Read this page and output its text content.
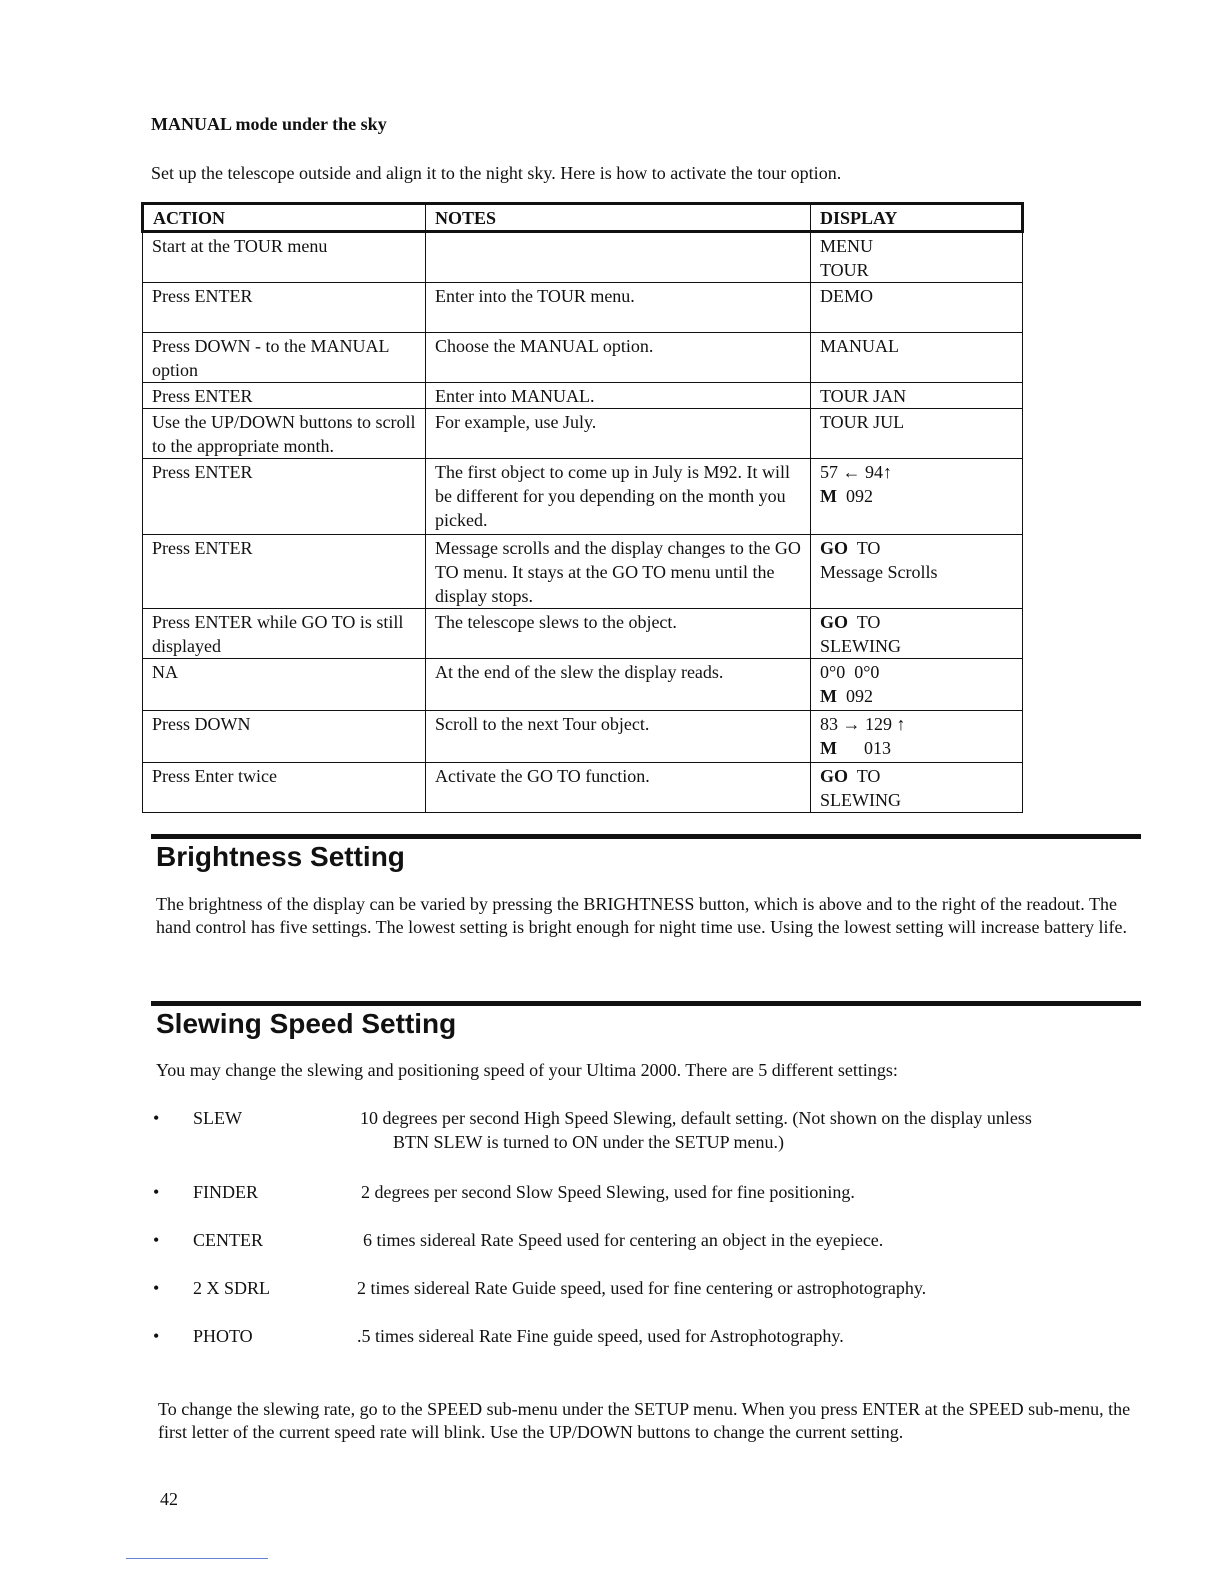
MANUAL mode under the sky
Set up the telescope outside and align it to the night sky. Here is how to activate the tour option.
ACTION	NOTES	DISPLAY
Start at the TOUR menu		MENU
TOUR

Press ENTER	Enter into the TOUR menu.	DEMO

Press DOWN - to the MANUAL option	Choose the MANUAL option.	MANUAL

Press ENTER	Enter into MANUAL.	TOUR JAN

Use the UP/DOWN buttons to scroll to the appropriate month.	For example, use July.	TOUR JUL

Press ENTER	The first object to come up in July is M92. It will be different for you depending on the month you picked.	57 ← 94↑
M  092

Press ENTER	Message scrolls and the display changes to the GO TO menu. It stays at the GO TO menu until the display stops.	GO  TO
Message Scrolls

Press ENTER while GO TO is still displayed	The telescope slews to the object.	GO  TO
SLEWING

NA	At the end of the slew the display reads.	0°0  0°0
M  092

Press DOWN	Scroll to the next Tour object.	83 → 129 ↑
M      013

Press Enter twice	Activate the GO TO function.	GO  TO
SLEWING
Brightness Setting
The brightness of the display can be varied by pressing the BRIGHTNESS button, which is above and to the right of the readout. The hand control has five settings. The lowest setting is bright enough for night time use. Using the lowest setting will increase battery life.
Slewing Speed Setting
You may change the slewing and positioning speed of your Ultima 2000. There are 5 different settings:
• SLEW	10 degrees per second High Speed Slewing, default setting. (Not shown on the display unless
BTN SLEW is turned to ON under the SETUP menu.)
• FINDER	2 degrees per second Slow Speed Slewing, used for fine positioning.
• CENTER	6 times sidereal Rate Speed used for centering an object in the eyepiece.
• 2 X SDRL	2 times sidereal Rate Guide speed, used for fine centering or astrophotography.
• PHOTO	.5 times sidereal Rate Fine guide speed, used for Astrophotography.
To change the slewing rate, go to the SPEED sub-menu under the SETUP menu. When you press ENTER at the SPEED sub-menu, the first letter of the current speed rate will blink. Use the UP/DOWN buttons to change the current setting.
42
